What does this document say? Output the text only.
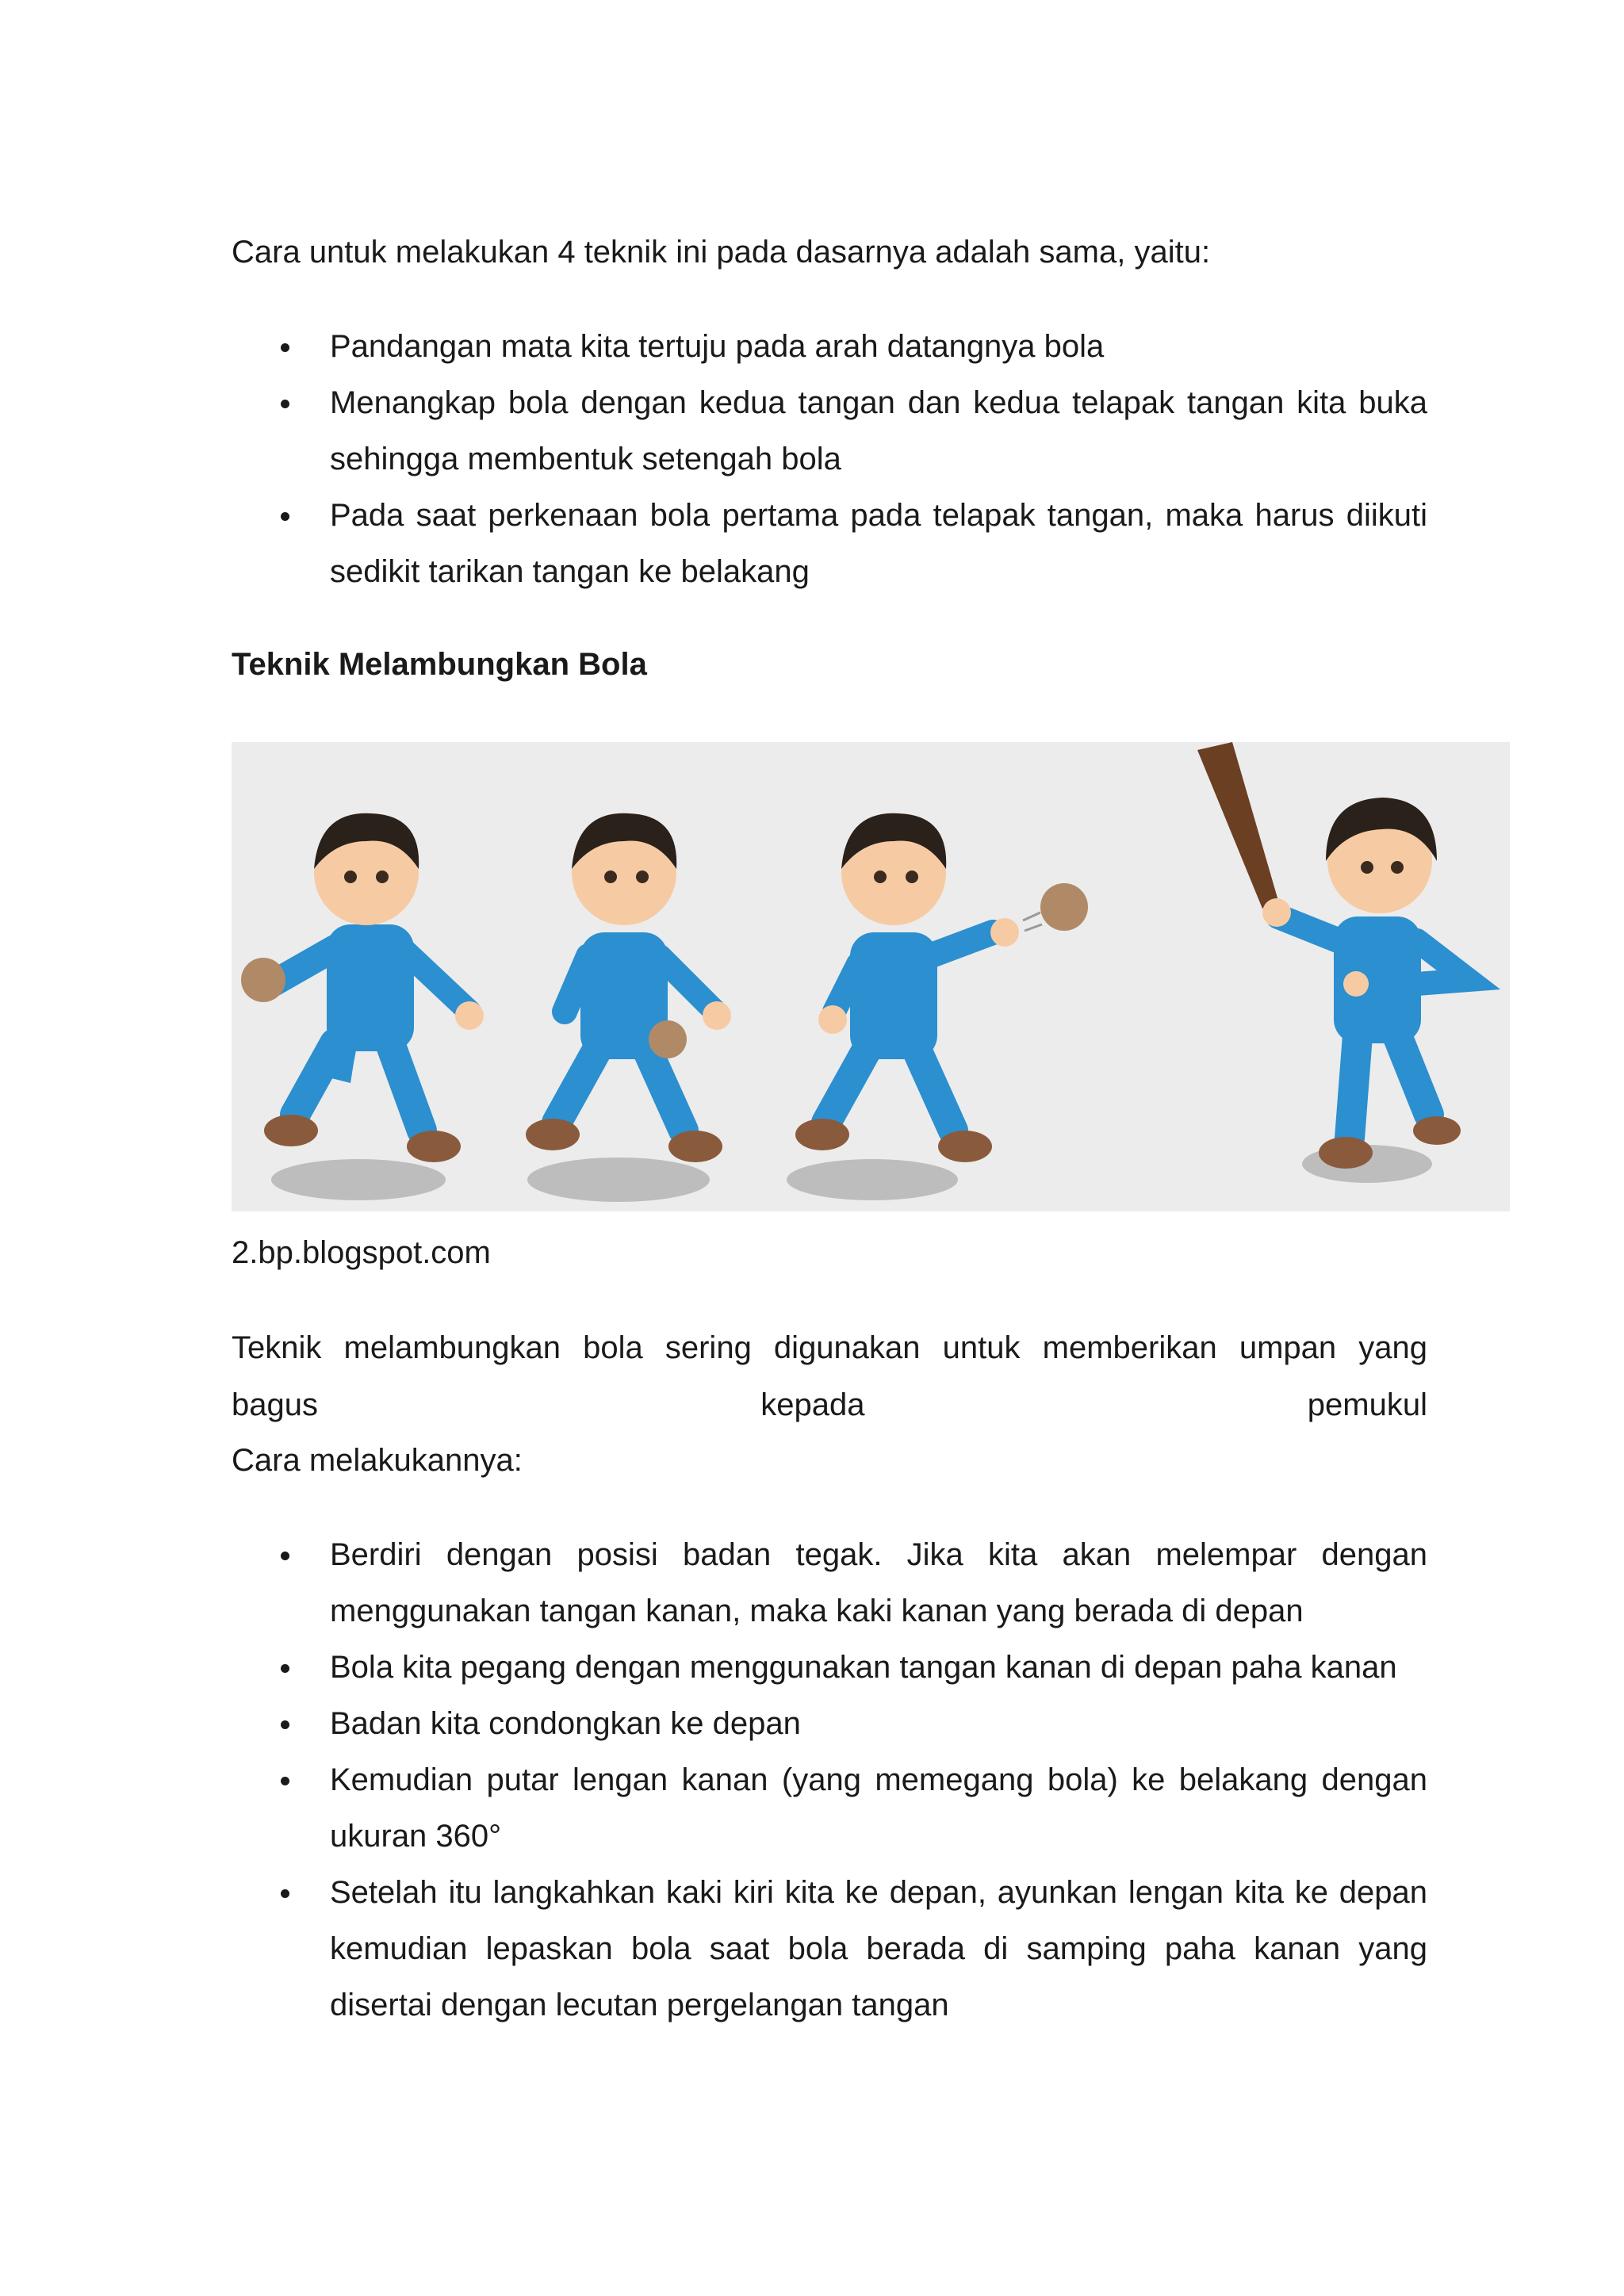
Cara untuk melakukan 4 teknik ini pada dasarnya adalah sama, yaitu:

Pandangan mata kita tertuju pada arah datangnya bola
Menangkap bola dengan kedua tangan dan kedua telapak tangan kita buka sehingga membentuk setengah bola
Pada saat perkenaan bola pertama pada telapak tangan, maka harus diikuti sedikit tarikan tangan ke belakang
Teknik Melambungkan Bola

2.bp.blogspot.com

Teknik melambungkan bola sering digunakan untuk memberikan umpan yang

bagus	kepada	pemukul

Cara melakukannya:

Berdiri dengan posisi badan tegak. Jika kita akan melempar dengan menggunakan tangan kanan, maka kaki kanan yang berada di depan
Bola kita pegang dengan menggunakan tangan kanan di depan paha kanan
Badan kita condongkan ke depan
Kemudian putar lengan kanan (yang memegang bola) ke belakang dengan ukuran 360°
Setelah itu langkahkan kaki kiri kita ke depan, ayunkan lengan kita ke depan kemudian lepaskan bola saat bola berada di samping paha kanan yang disertai dengan lecutan pergelangan tangan
